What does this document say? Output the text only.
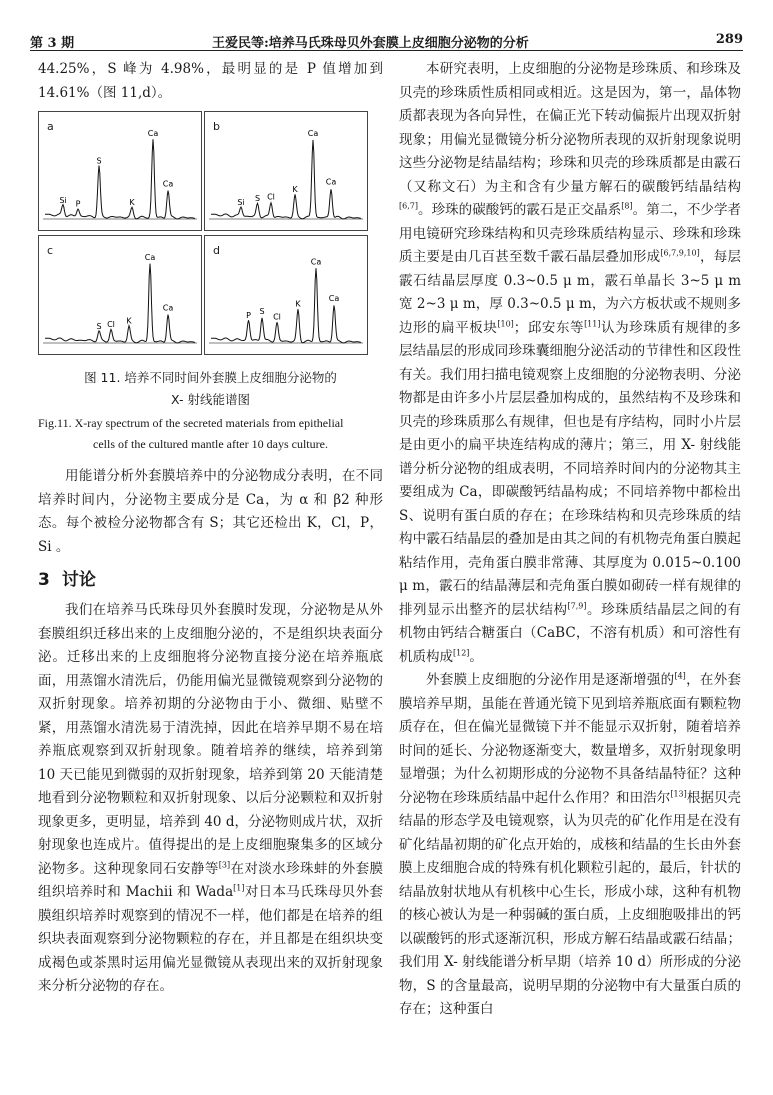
第 3 期	王爱民等:培养马氏珠母贝外套膜上皮细胞分泌物的分析	289

44.25%，S 峰为 4.98%，最明显的是 P 值增加到14.61%（图 11,d）。

a
Si P
S
K
Ca
Ca
b
Si S Cl
K
Ca
Ca
c
S Cl K
Ca
Ca
d
P S
Cl
K
Ca
Ca
图 11. 培养不同时间外套膜上皮细胞分泌物的
X- 射线能谱图
Fig.11. X-ray spectrum of the secreted materials from epithelial
cells of the cultured mantle after 10 days culture.

用能谱分析外套膜培养中的分泌物成分表明，在不同培养时间内，分泌物主要成分是 Ca，为 α 和 β2 种形态。每个被检分泌物都含有 S；其它还检出 K，Cl，P，Si 。

3 讨论

我们在培养马氏珠母贝外套膜时发现，分泌物是从外套膜组织迁移出来的上皮细胞分泌的，不是组织块表面分泌。迁移出来的上皮细胞将分泌物直接分泌在培养瓶底面，用蒸馏水清洗后，仍能用偏光显微镜观察到分泌物的双折射现象。培养初期的分泌物由于小、微细、贴壁不紧，用蒸馏水清洗易于清洗掉，因此在培养早期不易在培养瓶底观察到双折射现象。随着培养的继续，培养到第 10 天已能见到微弱的双折射现象，培养到第 20 天能清楚地看到分泌物颗粒和双折射现象、以后分泌颗粒和双折射现象更多，更明显，培养到 40 d，分泌物则成片状，双折射现象也连成片。值得提出的是上皮细胞聚集多的区域分泌物多。这种现象同石安静等[3]在对淡水珍珠蚌的外套膜组织培养时和 Machii 和 Wada[1]对日本马氏珠母贝外套膜组织培养时观察到的情况不一样，他们都是在培养的组织块表面观察到分泌物颗粒的存在，并且都是在组织块变成褐色或茶黑时运用偏光显微镜从表现出来的双折射现象来分析分泌物的存在。

本研究表明，上皮细胞的分泌物是珍珠质、和珍珠及贝壳的珍珠质性质相同或相近。这是因为，第一，晶体物质都表现为各向异性，在偏正光下转动偏振片出现双折射现象；用偏光显微镜分析分泌物所表现的双折射现象说明这些分泌物是结晶结构；珍珠和贝壳的珍珠质都是由霰石（又称文石）为主和含有少量方解石的碳酸钙结晶结构[6,7]。珍珠的碳酸钙的霰石是正交晶系[8]。第二，不少学者用电镜研究珍珠结构和贝壳珍珠质结构显示、珍珠和珍珠质主要是由几百甚至数千霰石晶层叠加形成[6,7,9,10]，每层霰石结晶层厚度 0.3~0.5 μ m，霰石单晶长 3~5 μ m 宽 2~3 μ m，厚 0.3~0.5 μ m，为六方板状或不规则多边形的扁平板块[10]；邱安东等[11]认为珍珠质有规律的多层结晶层的形成同珍珠囊细胞分泌活动的节律性和区段性有关。我们用扫描电镜观察上皮细胞的分泌物表明、分泌物都是由许多小片层层叠加构成的，虽然结构不及珍珠和贝壳的珍珠质那么有规律，但也是有序结构，同时小片层是由更小的扁平块连结构成的薄片；第三，用 X- 射线能谱分析分泌物的组成表明，不同培养时间内的分泌物其主要组成为 Ca，即碳酸钙结晶构成；不同培养物中都检出 S、说明有蛋白质的存在；在珍珠结构和贝壳珍珠质的结构中霰石结晶层的叠加是由其之间的有机物壳角蛋白膜起粘结作用，壳角蛋白膜非常薄、其厚度为 0.015~0.100 μ m，霰石的结晶薄层和壳角蛋白膜如砌砖一样有规律的排列显示出整齐的层状结构[7,9]。珍珠质结晶层之间的有机物由钙结合糖蛋白（CaBC，不溶有机质）和可溶性有机质构成[12]。

外套膜上皮细胞的分泌作用是逐渐增强的[4]，在外套膜培养早期，虽能在普通光镜下见到培养瓶底面有颗粒物质存在，但在偏光显微镜下并不能显示双折射，随着培养时间的延长、分泌物逐渐变大，数量增多，双折射现象明显增强；为什么初期形成的分泌物不具备结晶特征？这种分泌物在珍珠质结晶中起什么作用？和田浩尔[13]根据贝壳结晶的形态学及电镜观察，认为贝壳的矿化作用是在没有矿化结晶初期的矿化点开始的，成核和结晶的生长由外套膜上皮细胞合成的特殊有机化颗粒引起的，最后，针状的结晶放射状地从有机核中心生长，形成小球，这种有机物的核心被认为是一种弱碱的蛋白质，上皮细胞吸排出的钙以碳酸钙的形式逐渐沉积，形成方解石结晶或霰石结晶；我们用 X- 射线能谱分析早期（培养 10 d）所形成的分泌物，S 的含量最高，说明早期的分泌物中有大量蛋白质的存在；这种蛋白
